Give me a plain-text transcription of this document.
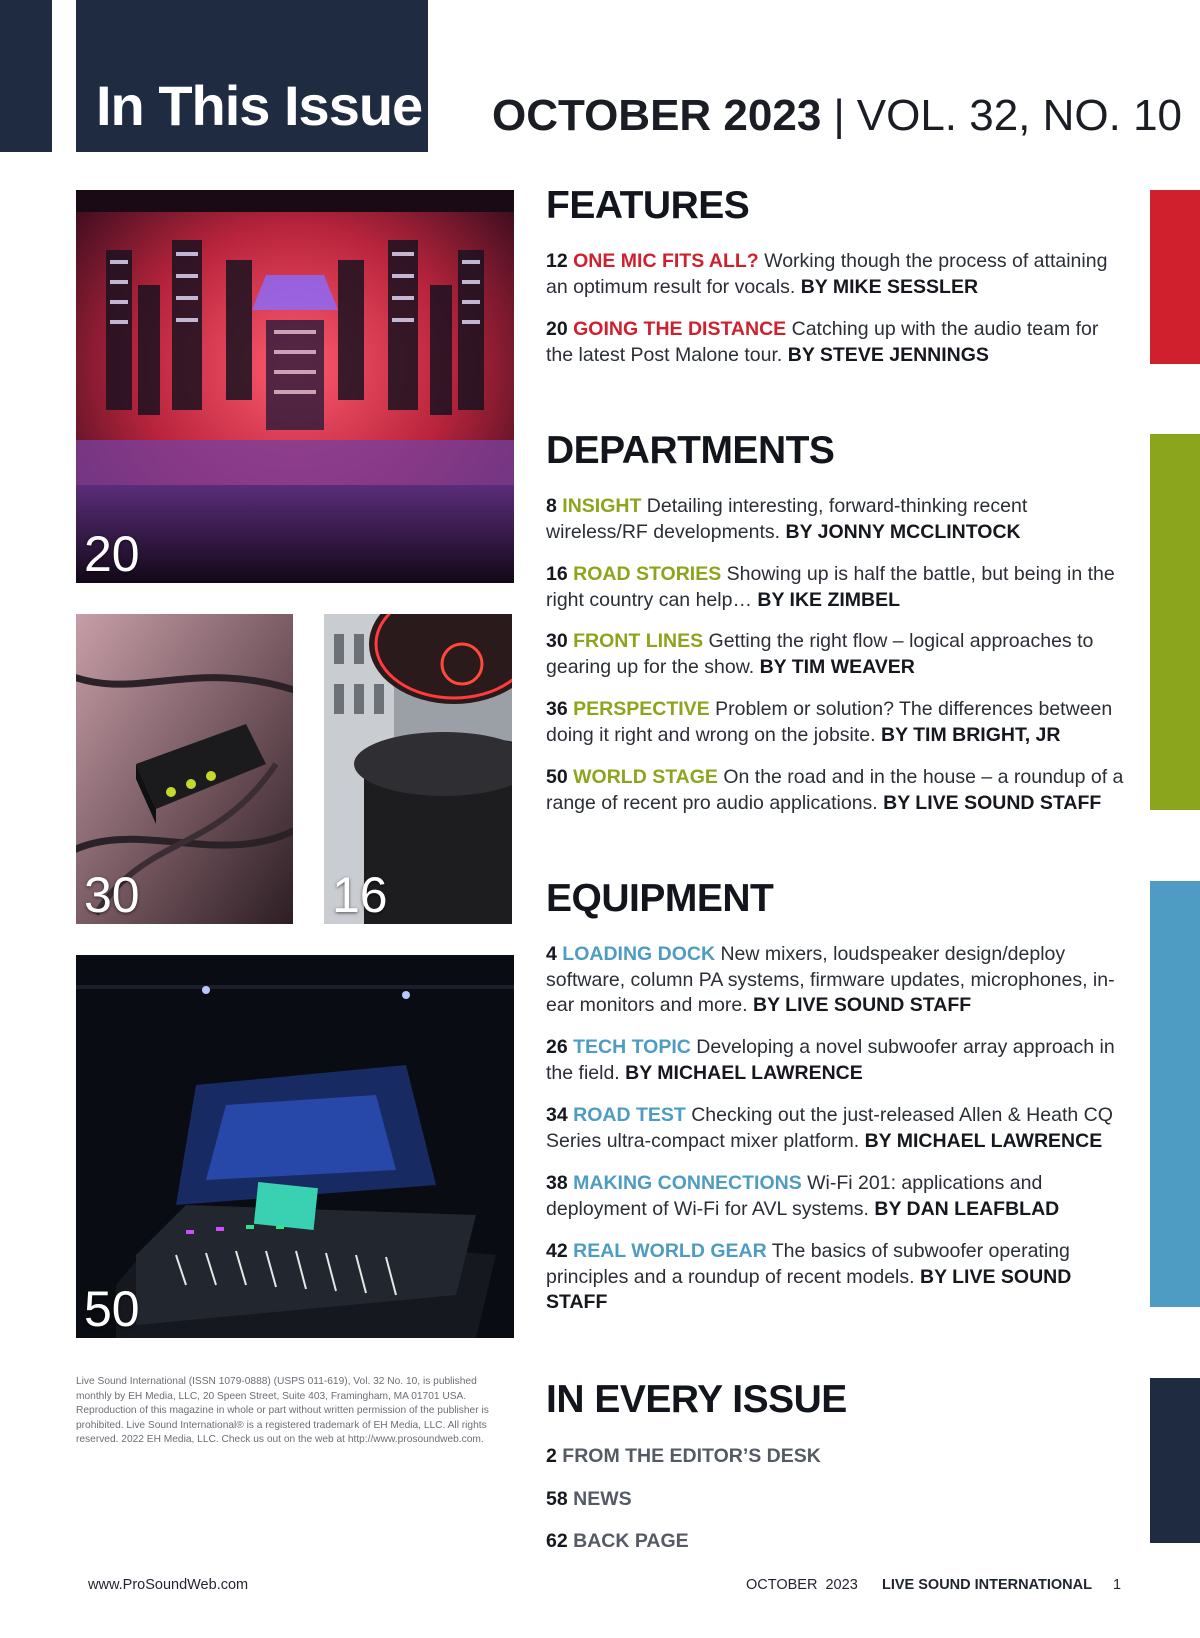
In This Issue OCTOBER 2023 | VOL. 32, NO. 10
20
30	16
50
Live Sound International (ISSN 1079-0888) (USPS 011-619), Vol. 32 No. 10, is published monthly by EH Media, LLC, 20 Speen Street, Suite 403, Framingham, MA 01701 USA. Reproduction of this magazine in whole or part without written permission of the publisher is prohibited. Live Sound International® is a registered trademark of EH Media, LLC. All rights reserved. 2022 EH Media, LLC. Check us out on the web at http://www.prosoundweb.com.
FEATURES
12 ONE MIC FITS ALL? Working though the process of attaining an optimum result for vocals. BY MIKE SESSLER
20 GOING THE DISTANCE Catching up with the audio team for the latest Post Malone tour. BY STEVE JENNINGS
DEPARTMENTS
8 INSIGHT Detailing interesting, forward-thinking recent wireless/RF developments. BY JONNY MCCLINTOCK
16 ROAD STORIES Showing up is half the battle, but being in the right country can help… BY IKE ZIMBEL
30 FRONT LINES Getting the right flow – logical approaches to gearing up for the show. BY TIM WEAVER
36 PERSPECTIVE Problem or solution? The differences between doing it right and wrong on the jobsite. BY TIM BRIGHT, JR
50 WORLD STAGE On the road and in the house – a roundup of a range of recent pro audio applications. BY LIVE SOUND STAFF
EQUIPMENT
4 LOADING DOCK New mixers, loudspeaker design/deploy software, column PA systems, firmware updates, microphones, in-ear monitors and more. BY LIVE SOUND STAFF
26 TECH TOPIC Developing a novel subwoofer array approach in the field. BY MICHAEL LAWRENCE
34 ROAD TEST Checking out the just-released Allen & Heath CQ Series ultra-compact mixer platform. BY MICHAEL LAWRENCE
38 MAKING CONNECTIONS Wi-Fi 201: applications and deployment of Wi-Fi for AVL systems. BY DAN LEAFBLAD
42 REAL WORLD GEAR The basics of subwoofer operating principles and a roundup of recent models. BY LIVE SOUND STAFF
IN EVERY ISSUE
2 FROM THE EDITOR’S DESK
58 NEWS
62 BACK PAGE
www.ProSoundWeb.com	OCTOBER  2023 LIVE SOUND INTERNATIONAL 1
